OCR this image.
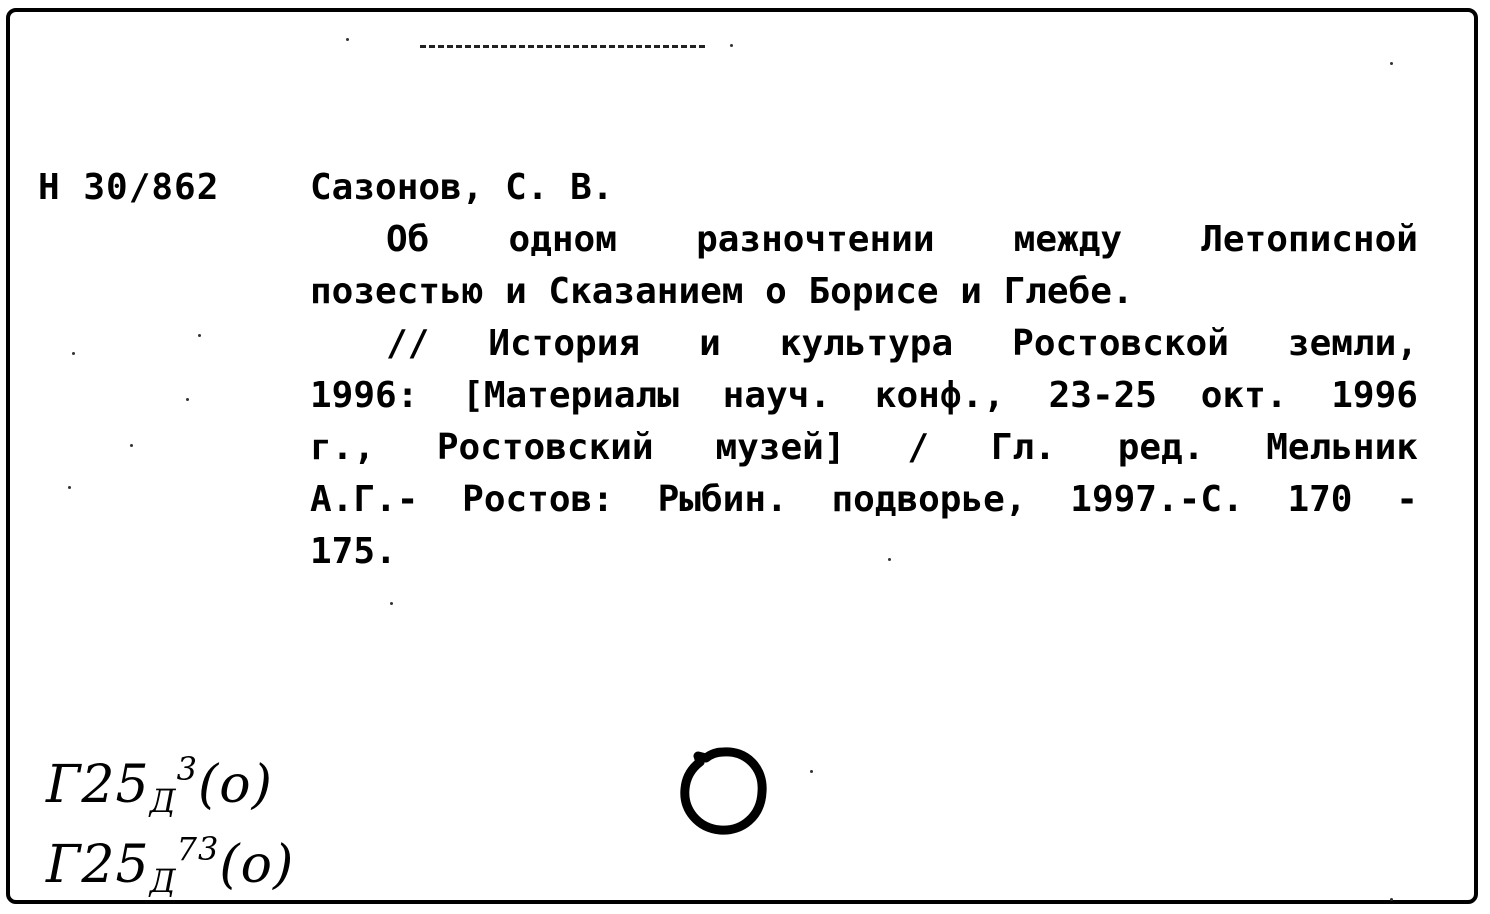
Н 30/862	Сазонов, С. В.
Об одном разночтении между Летописной
позестью и Сказанием о Борисе и Глебе.
// История и культура Ростовской земли,
1996: [Материалы науч. конф., 23-25 окт. 1996
г., Ростовский музей] / Гл. ред. Мельник
А.Г.- Ростов: Рыбин. подворье, 1997.-С. 170 -
175.
$Г25_Д^3(о)$
$Г25_Д^{73}(о)$
